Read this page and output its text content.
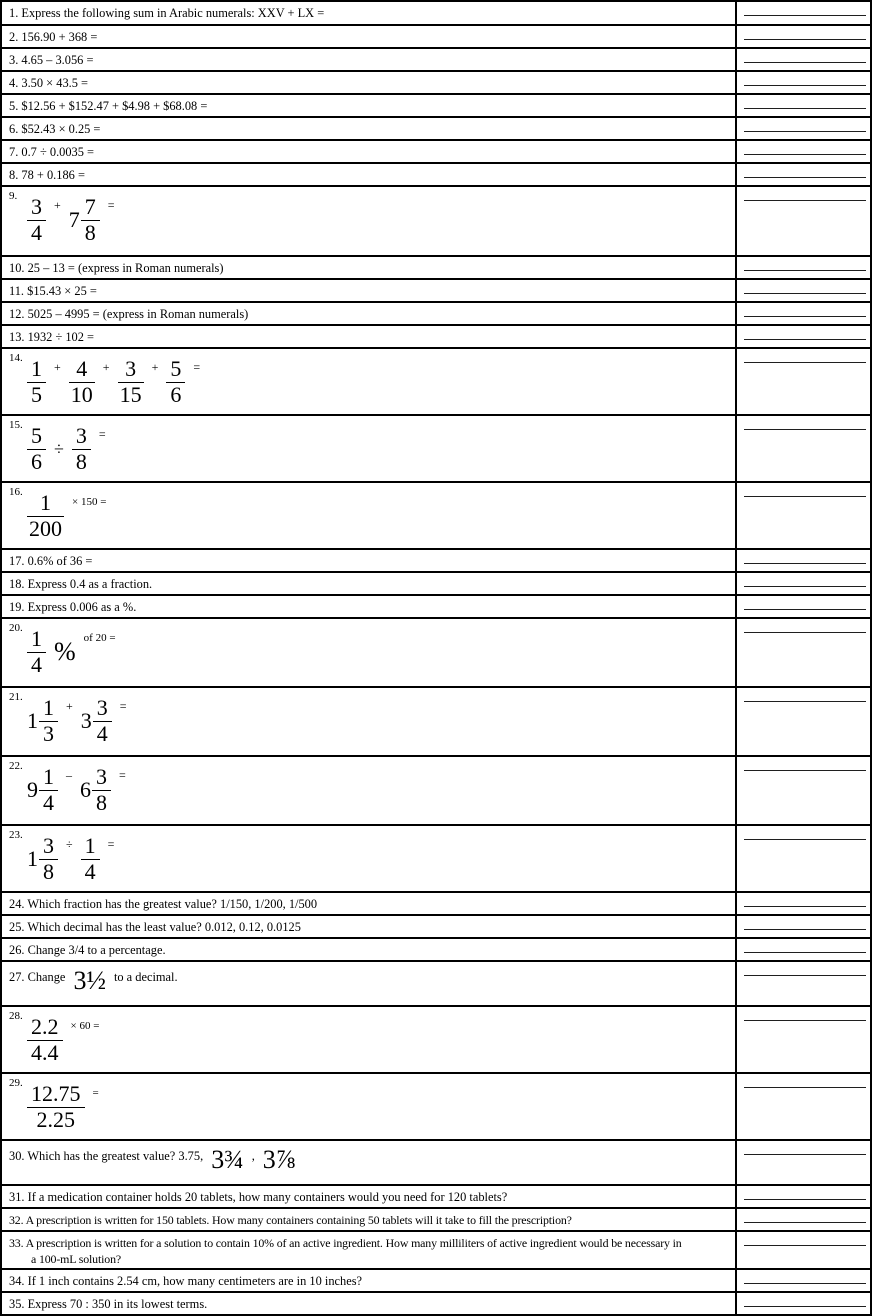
1. Express the following sum in Arabic numerals: XXV + LX =
2. 156.90 + 368 =
3. 4.65 – 3.056 =
4. 3.50 × 43.5 =
5. $12.56 + $152.47 + $4.98 + $68.08 =
6. $52.43 × 0.25 =
7. 0.7 ÷ 0.0035 =
8. 78 + 0.186 =
9. $\frac{3}{4}$ +
$7 \frac{7}{8}$ =
10. 25 – 13 = (express in Roman numerals)
11. $15.43 × 25 =
12. 5025 – 4995 = (express in Roman numerals)
13. 1932 ÷ 102 =
14. $\frac{1}{5} + \frac{4}{10} + \frac{3}{15} + \frac{5}{6}$ =
15. $\frac{5}{6} \div \frac{3}{8}$ =
16. $\frac{1}{200} \times 150$ =
17. 0.6% of 36 =
18. Express 0.4 as a fraction.
19. Express 0.006 as a %.
20. $\frac{1}{4}$ % of 20 =
21.
$1 \frac{1}{3}$ +
$3 \frac{3}{4}$ =
22.
$9 \frac{1}{4}$ –
$6 \frac{3}{8}$ =
23.
$1 \frac{3}{8} \div \frac{1}{4}$ =
24. Which fraction has the greatest value? 1/150, 1/200, 1/500
25. Which decimal has the least value? 0.012, 0.12, 0.0125
26. Change 3/4 to a percentage.
27. Change 3½ to a decimal.
28. $\frac{2.2}{4.4} \times 60$ =
29. $\frac{12.75}{2.25}$ =
30. Which has the greatest value? 3.75, 3¾ , 3⅞
31. If a medication container holds 20 tablets, how many containers would you need for 120 tablets?
32. A prescription is written for 150 tablets. How many containers containing 50 tablets will it take to fill the prescription?
33. A prescription is written for a solution to contain 10% of an active ingredient. How many milliliters of active ingredient would be necessary in
a 100-mL solution?
34. If 1 inch contains 2.54 cm, how many centimeters are in 10 inches?
35. Express 70 : 350 in its lowest terms.
